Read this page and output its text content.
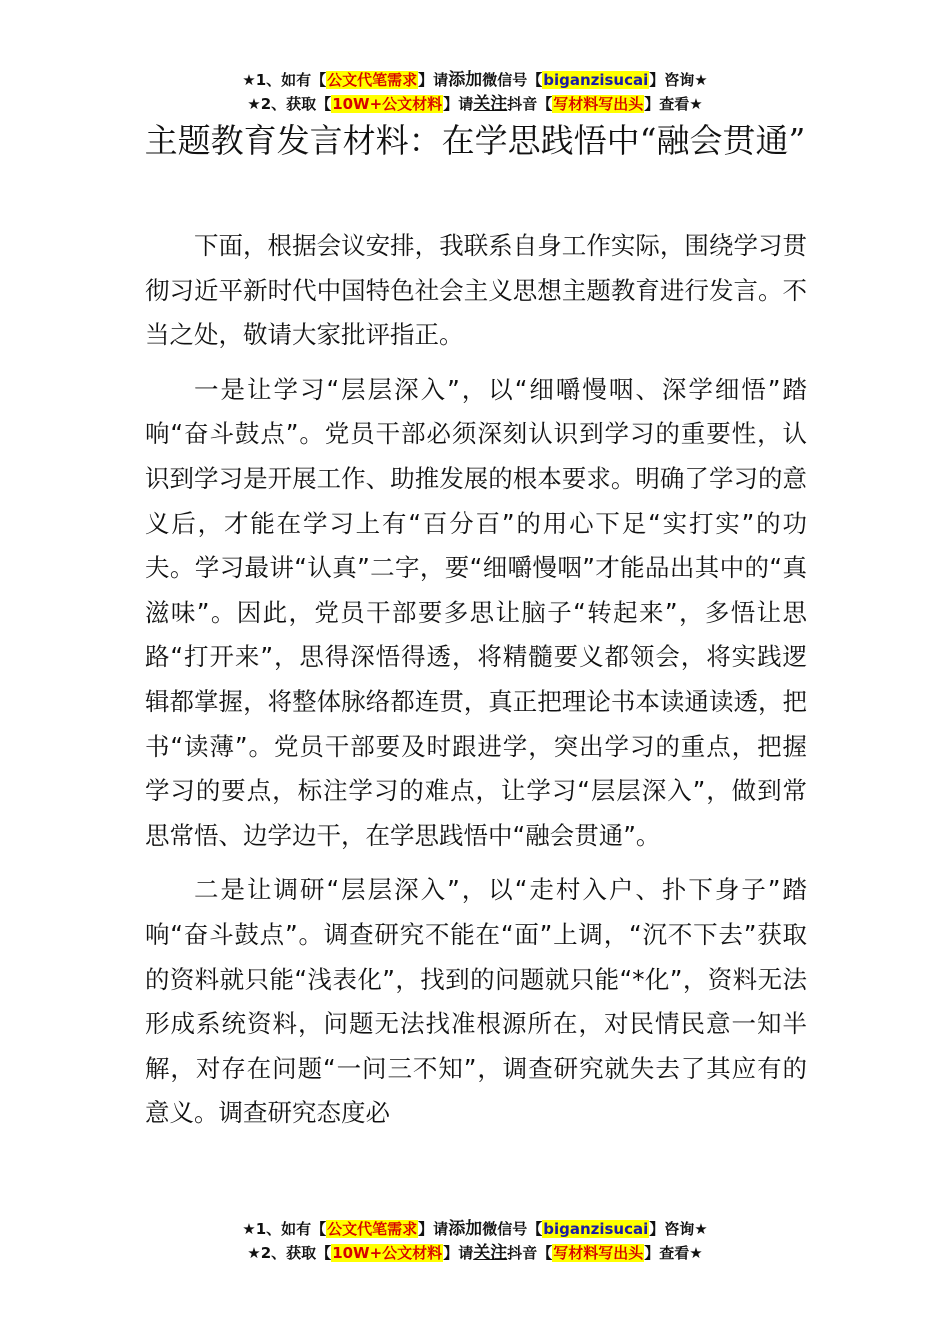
★1、如有【公文代笔需求】请添加微信号【biganzisucai】咨询★
★2、获取【10W+公文材料】请关注抖音【写材料写出头】查看★
主题教育发言材料：在学思践悟中“融会贯通”

下面，根据会议安排，我联系自身工作实际，围绕学习贯彻习近平新时代中国特色社会主义思想主题教育进行发言。不当之处，敬请大家批评指正。

一是让学习“层层深入”，以“细嚼慢咽、深学细悟”踏响“奋斗鼓点”。党员干部必须深刻认识到学习的重要性，认识到学习是开展工作、助推发展的根本要求。明确了学习的意义后，才能在学习上有“百分百”的用心下足“实打实”的功夫。学习最讲“认真”二字，要“细嚼慢咽”才能品出其中的“真滋味”。因此，党员干部要多思让脑子“转起来”，多悟让思路“打开来”，思得深悟得透，将精髓要义都领会，将实践逻辑都掌握，将整体脉络都连贯，真正把理论书本读通读透，把书“读薄”。党员干部要及时跟进学，突出学习的重点，把握学习的要点，标注学习的难点，让学习“层层深入”，做到常思常悟、边学边干，在学思践悟中“融会贯通”。

二是让调研“层层深入”，以“走村入户、扑下身子”踏响“奋斗鼓点”。调查研究不能在“面”上调，“沉不下去”获取的资料就只能“浅表化”，找到的问题就只能“*化”，资料无法形成系统资料，问题无法找准根源所在，对民情民意一知半解，对存在问题“一问三不知”，调查研究就失去了其应有的意义。调查研究态度必

★1、如有【公文代笔需求】请添加微信号【biganzisucai】咨询★
★2、获取【10W+公文材料】请关注抖音【写材料写出头】查看★
